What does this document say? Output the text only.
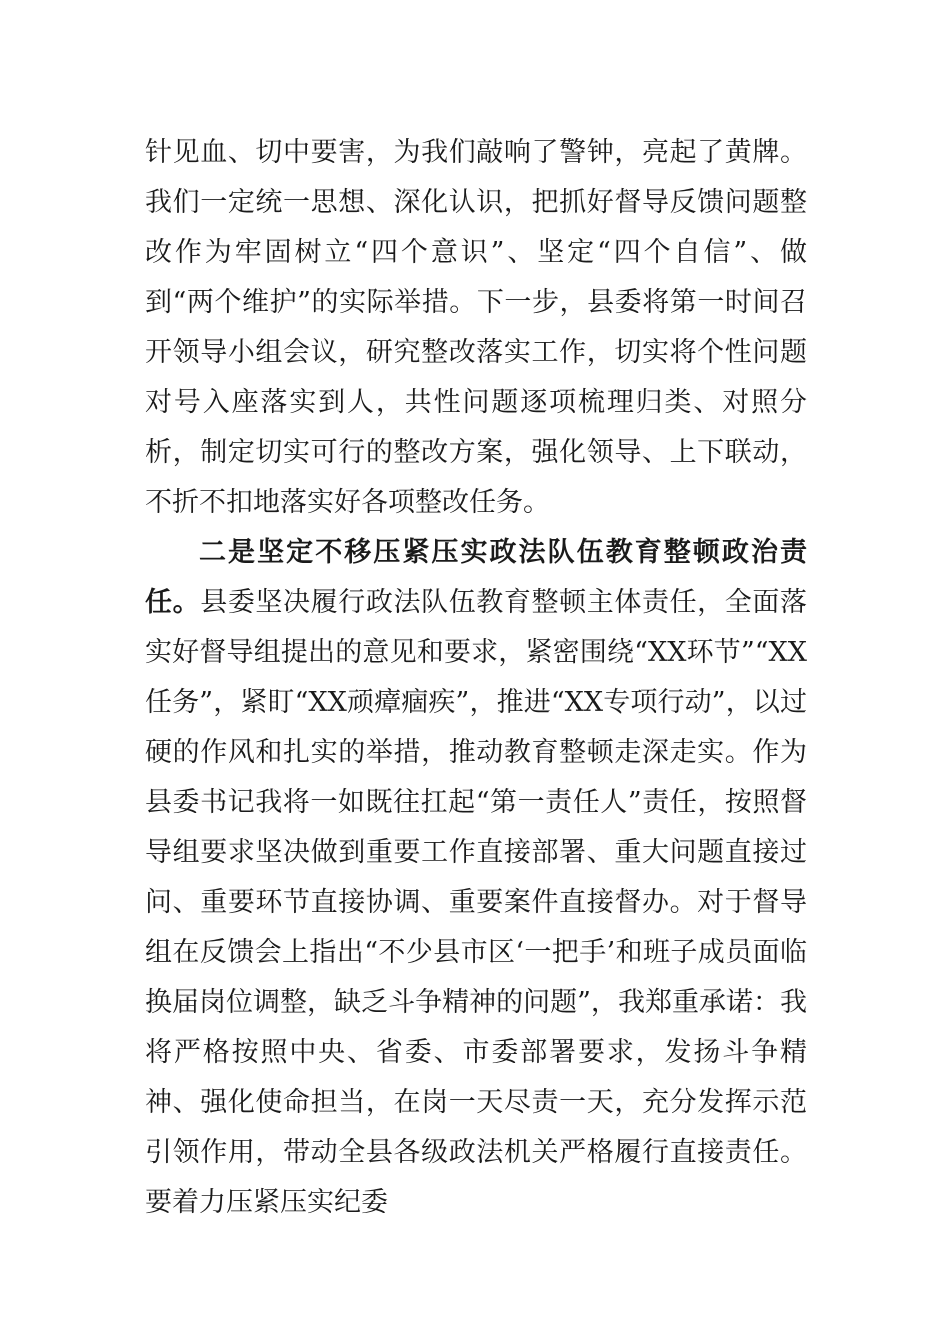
针见血、切中要害，为我们敲响了警钟，亮起了黄牌。我们一定统一思想、深化认识，把抓好督导反馈问题整改作为牢固树立“四个意识”、坚定“四个自信”、做到“两个维护”的实际举措。下一步，县委将第一时间召开领导小组会议，研究整改落实工作，切实将个性问题对号入座落实到人，共性问题逐项梳理归类、对照分析，制定切实可行的整改方案，强化领导、上下联动，不折不扣地落实好各项整改任务。

二是坚定不移压紧压实政法队伍教育整顿政治责任。县委坚决履行政法队伍教育整顿主体责任，全面落实好督导组提出的意见和要求，紧密围绕“XX环节”“XX任务”，紧盯“XX顽瘴痼疾”，推进“XX专项行动”，以过硬的作风和扎实的举措，推动教育整顿走深走实。作为县委书记我将一如既往扛起“第一责任人”责任，按照督导组要求坚决做到重要工作直接部署、重大问题直接过问、重要环节直接协调、重要案件直接督办。对于督导组在反馈会上指出“不少县市区‘一把手’和班子成员面临换届岗位调整，缺乏斗争精神的问题”，我郑重承诺：我将严格按照中央、省委、市委部署要求，发扬斗争精神、强化使命担当，在岗一天尽责一天，充分发挥示范引领作用，带动全县各级政法机关严格履行直接责任。要着力压紧压实纪委
